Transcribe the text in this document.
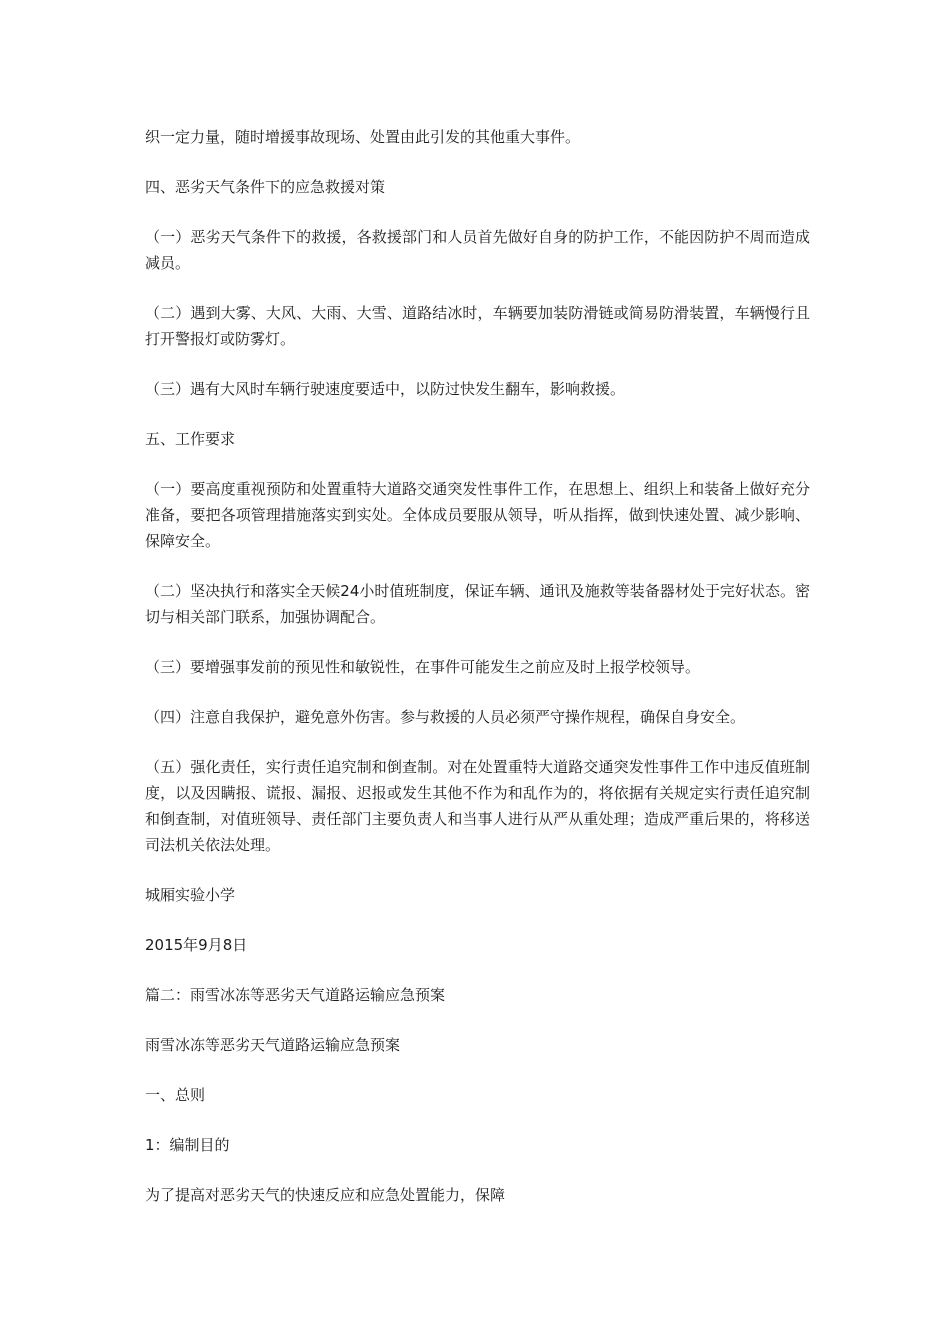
织一定力量，随时增援事故现场、处置由此引发的其他重大事件。

四、恶劣天气条件下的应急救援对策

（一）恶劣天气条件下的救援，各救援部门和人员首先做好自身的防护工作，不能因防护不周而造成减员。

（二）遇到大雾、大风、大雨、大雪、道路结冰时，车辆要加装防滑链或简易防滑装置，车辆慢行且打开警报灯或防雾灯。

（三）遇有大风时车辆行驶速度要适中，以防过快发生翻车，影响救援。

五、工作要求

（一）要高度重视预防和处置重特大道路交通突发性事件工作，在思想上、组织上和装备上做好充分准备，要把各项管理措施落实到实处。全体成员要服从领导，听从指挥，做到快速处置、减少影响、保障安全。

（二）坚决执行和落实全天候24小时值班制度，保证车辆、通讯及施救等装备器材处于完好状态。密切与相关部门联系，加强协调配合。

（三）要增强事发前的预见性和敏锐性，在事件可能发生之前应及时上报学校领导。

（四）注意自我保护，避免意外伤害。参与救援的人员必须严守操作规程，确保自身安全。

（五）强化责任，实行责任追究制和倒查制。对在处置重特大道路交通突发性事件工作中违反值班制度，以及因瞒报、谎报、漏报、迟报或发生其他不作为和乱作为的，将依据有关规定实行责任追究制和倒查制，对值班领导、责任部门主要负责人和当事人进行从严从重处理；造成严重后果的，将移送司法机关依法处理。

城厢实验小学

2015年9月8日

篇二：雨雪冰冻等恶劣天气道路运输应急预案

雨雪冰冻等恶劣天气道路运输应急预案

一、总则

1：编制目的

为了提高对恶劣天气的快速反应和应急处置能力，保障
